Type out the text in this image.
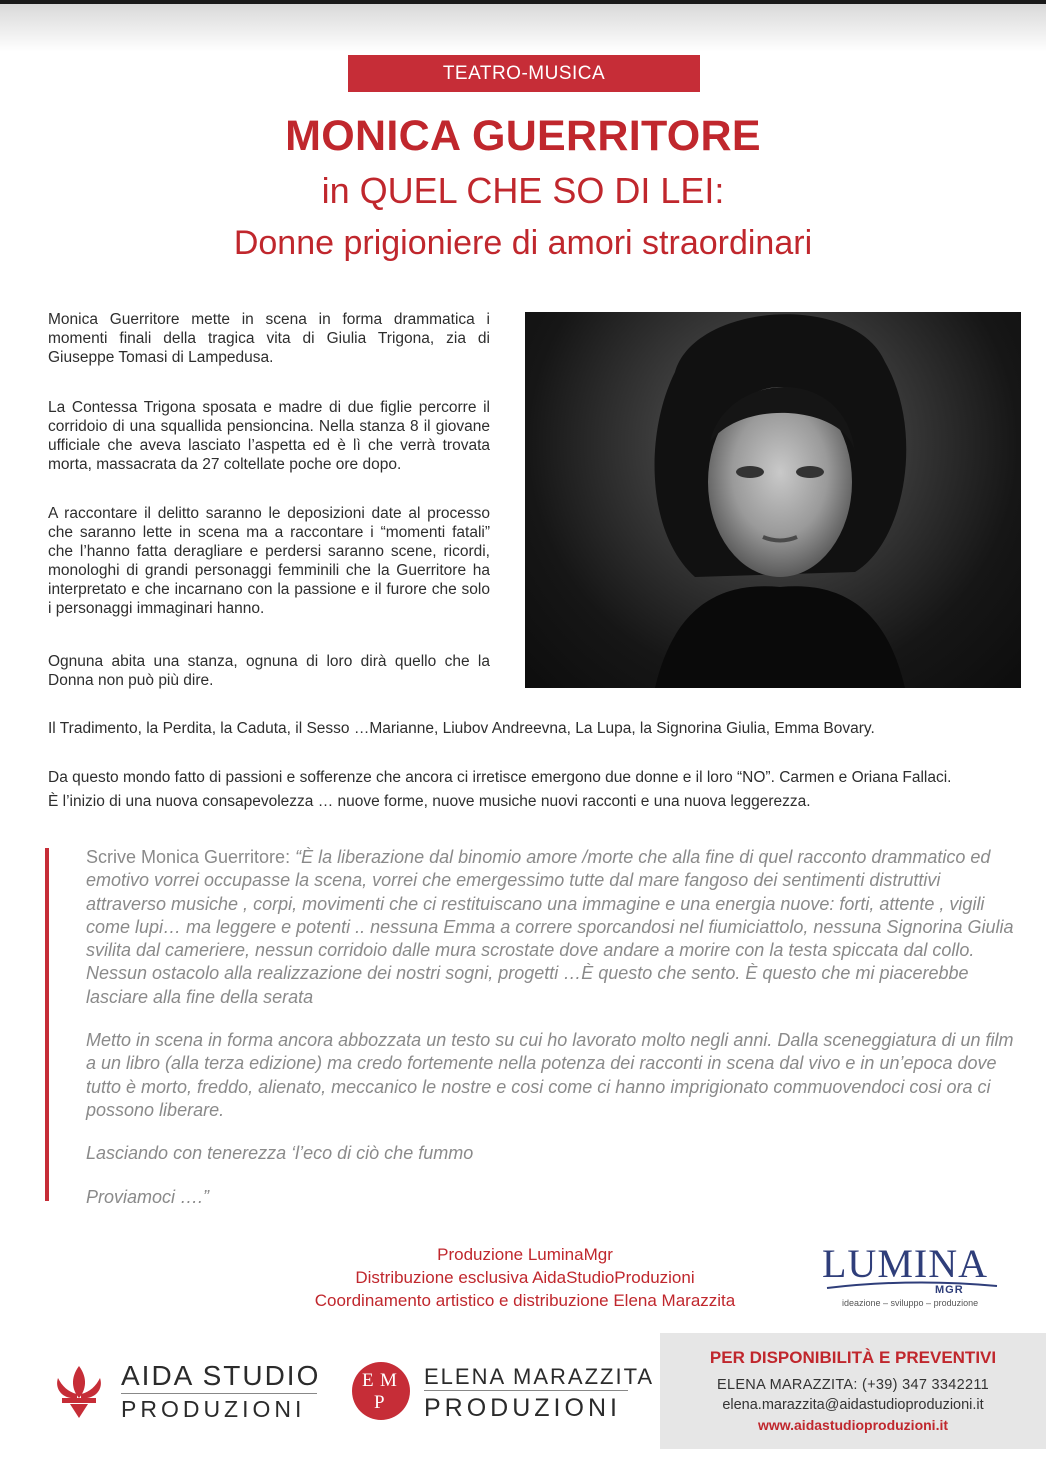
TEATRO-MUSICA
MONICA GUERRITORE
in QUEL CHE SO DI LEI:
Donne prigioniere di amori straordinari
Monica Guerritore mette in scena in forma drammatica i momenti finali della tragica vita di Giulia Trigona, zia di Giuseppe Tomasi di Lampedusa.
La Contessa Trigona sposata e madre di due figlie percorre il corridoio di una squallida pensioncina. Nella stanza 8 il giovane ufficiale che aveva lasciato l’aspetta ed è lì che verrà trovata morta, massacrata da 27 coltellate poche ore dopo.
A raccontare il delitto saranno le deposizioni date al processo che saranno lette in scena ma a raccontare i “momenti fatali” che l’hanno fatta deragliare e perdersi saranno scene, ricordi, monologhi di grandi personaggi femminili che la Guerritore ha interpretato e che incarnano con la passione e il furore che solo i personaggi immaginari hanno.
Ognuna abita una stanza, ognuna di loro dirà quello che la Donna non può più dire.
Il Tradimento, la Perdita, la Caduta, il Sesso …Marianne, Liubov Andreevna, La Lupa, la Signorina Giulia, Emma Bovary.
Da questo mondo fatto di passioni e sofferenze che ancora ci irretisce emergono due donne e il loro “NO”. Carmen e Oriana Fallaci.
È l’inizio di una nuova consapevolezza … nuove forme, nuove musiche nuovi racconti e una nuova leggerezza.
Scrive Monica Guerritore: “È la liberazione dal binomio amore /morte che alla fine di quel racconto drammatico ed emotivo vorrei occupasse la scena, vorrei che emergessimo tutte dal mare fangoso dei sentimenti distruttivi attraverso musiche , corpi, movimenti che ci restituiscano una immagine e una energia nuove: forti, attente , vigili come lupi… ma leggere e potenti .. nessuna Emma a correre sporcandosi nel fiumiciattolo, nessuna Signorina Giulia svilita dal cameriere, nessun corridoio dalle mura scrostate dove andare a morire con la testa spiccata dal collo. Nessun ostacolo alla realizzazione dei nostri sogni, progetti …È questo che sento. È questo che mi piacerebbe lasciare alla fine della serata
Metto in scena in forma ancora abbozzata un testo su cui ho lavorato molto negli anni. Dalla sceneggiatura di un film a un libro (alla terza edizione) ma credo fortemente nella potenza dei racconti in scena dal vivo e in un’epoca dove tutto è morto, freddo, alienato, meccanico le nostre e cosi come ci hanno imprigionato commuovendoci cosi ora ci possono liberare.
Lasciando con tenerezza ‘l’eco di ciò che fummo
Proviamoci ….”
Produzione LuminaMgr
Distribuzione esclusiva AidaStudioProduzioni
Coordinamento artistico e distribuzione Elena Marazzita
LUMINA
MGR
ideazione – sviluppo – produzione
AIDA STUDIO
PRODUZIONI
E M
P
ELENA MARAZZITA
PRODUZIONI
PER DISPONIBILITÀ E PREVENTIVI
ELENA MARAZZITA: (+39) 347 3342211
elena.marazzita@aidastudioproduzioni.it
www.aidastudioproduzioni.it
